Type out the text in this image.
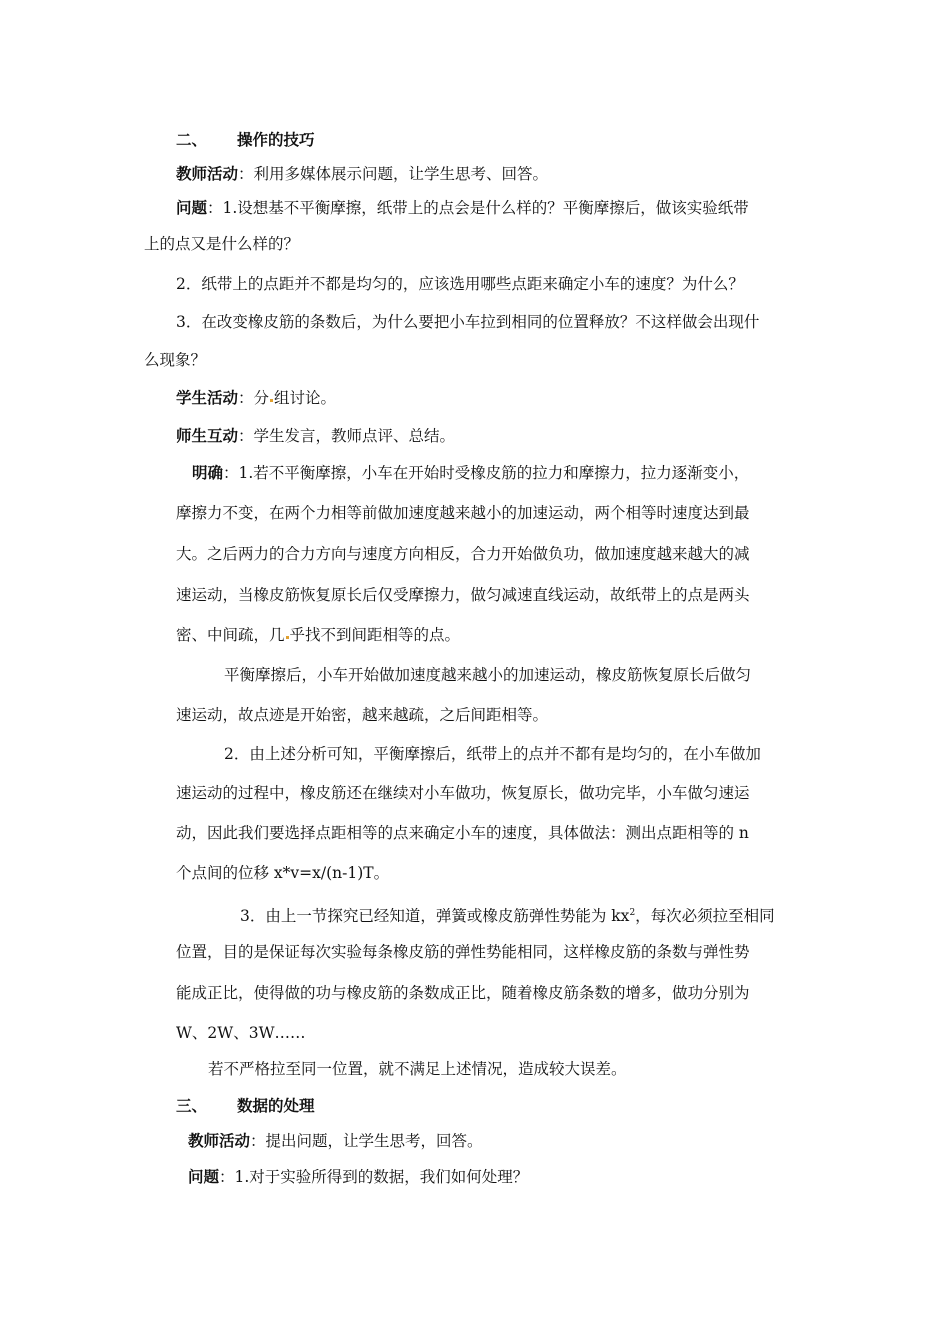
二、 操作的技巧
教师活动：利用多媒体展示问题，让学生思考、回答。
问题：1.设想基不平衡摩擦，纸带上的点会是什么样的？平衡摩擦后，做该实验纸带
上的点又是什么样的？
2．纸带上的点距并不都是均匀的，应该选用哪些点距来确定小车的速度？为什么？
3．在改变橡皮筋的条数后，为什么要把小车拉到相同的位置释放？不这样做会出现什
么现象？
学生活动：分 组讨论。
师生互动：学生发言，教师点评、总结。
明确：1.若不平衡摩擦，小车在开始时受橡皮筋的拉力和摩擦力，拉力逐渐变小，
摩擦力不变，在两个力相等前做加速度越来越小的加速运动，两个相等时速度达到最
大。之后两力的合力方向与速度方向相反，合力开始做负功，做加速度越来越大的减
速运动，当橡皮筋恢复原长后仅受摩擦力，做匀减速直线运动，故纸带上的点是两头
密、中间疏，几 乎找不到间距相等的点。
平衡摩擦后，小车开始做加速度越来越小的加速运动，橡皮筋恢复原长后做匀
速运动，故点迹是开始密，越来越疏，之后间距相等。
2．由上述分析可知，平衡摩擦后，纸带上的点并不都有是均匀的，在小车做加
速运动的过程中，橡皮筋还在继续对小车做功，恢复原长，做功完毕，小车做匀速运
动，因此我们要选择点距相等的点来确定小车的速度，具体做法：测出点距相等的 n
个点间的位移 x*v=x/(n-1)T。
3．由上一节探究已经知道，弹簧或橡皮筋弹性势能为 $kx^2$，每次必须拉至相同
位置，目的是保证每次实验每条橡皮筋的弹性势能相同，这样橡皮筋的条数与弹性势
能成正比，使得做的功与橡皮筋的条数成正比，随着橡皮筋条数的增多，做功分别为
W、2W、3W……
若不严格拉至同一位置，就不满足上述情况，造成较大误差。
三、 数据的处理
教师活动：提出问题，让学生思考，回答。
问题：1.对于实验所得到的数据，我们如何处理？
